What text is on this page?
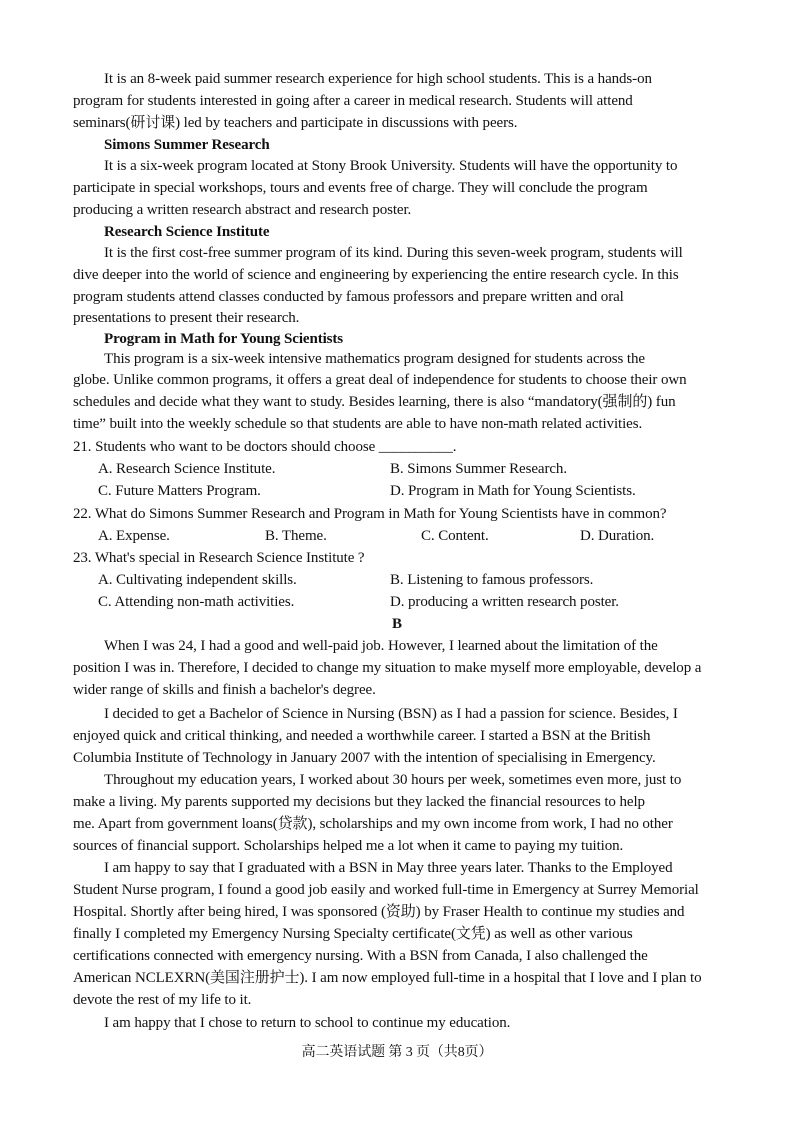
It is an 8-week paid summer research experience for high school students. This is a hands-on
program for students interested in going after a career in medical research. Students will attend
seminars(研讨课) led by teachers and participate in discussions with peers.
Simons Summer Research
It is a six-week program located at Stony Brook University. Students will have the opportunity to
participate in special workshops, tours and events free of charge. They will conclude the program
producing a written research abstract and research poster.
Research Science Institute
It is the first cost-free summer program of its kind. During this seven-week program, students will
dive deeper into the world of science and engineering by experiencing the entire research cycle. In this
program students attend classes conducted by famous professors and prepare written and oral
presentations to present their research.
Program in Math for Young Scientists
This program is a six-week intensive mathematics program designed for students across the
globe. Unlike common programs, it offers a great deal of independence for students to choose their own
schedules and decide what they want to study. Besides learning, there is also “mandatory(强制的) fun
time” built into the weekly schedule so that students are able to have non-math related activities.
21. Students who want to be doctors should choose __________.
A. Research Science Institute.	B. Simons Summer Research.
C. Future Matters Program.	D. Program in Math for Young Scientists.
22. What do Simons Summer Research and Program in Math for Young Scientists have in common?
A. Expense.	B. Theme.	C. Content.	D. Duration.
23. What's special in Research Science Institute ?
A. Cultivating independent skills.	B. Listening to famous professors.
C. Attending non-math activities.	D. producing a written research poster.
B
When I was 24, I had a good and well-paid job. However, I learned about the limitation of the
position I was in. Therefore, I decided to change my situation to make myself more employable, develop a
wider range of skills and finish a bachelor's degree.
I decided to get a Bachelor of Science in Nursing (BSN) as I had a passion for science. Besides, I
enjoyed quick and critical thinking, and needed a worthwhile career. I started a BSN at the British
Columbia Institute of Technology in January 2007 with the intention of specialising in Emergency.
Throughout my education years, I worked about 30 hours per week, sometimes even more, just to
make a living. My parents supported my decisions but they lacked the financial resources to help
me. Apart from government loans(贷款), scholarships and my own income from work, I had no other
sources of financial support. Scholarships helped me a lot when it came to paying my tuition.
I am happy to say that I graduated with a BSN in May three years later. Thanks to the Employed
Student Nurse program, I found a good job easily and worked full-time in Emergency at Surrey Memorial
Hospital. Shortly after being hired, I was sponsored (资助) by Fraser Health to continue my studies and
finally I completed my Emergency Nursing Specialty certificate(文凭) as well as other various
certifications connected with emergency nursing. With a BSN from Canada, I also challenged the
American NCLEXRN(美国注册护士). I am now employed full-time in a hospital that I love and I plan to
devote the rest of my life to it.
I am happy that I chose to return to school to continue my education.
高二英语试题 第 3 页（共8页）
